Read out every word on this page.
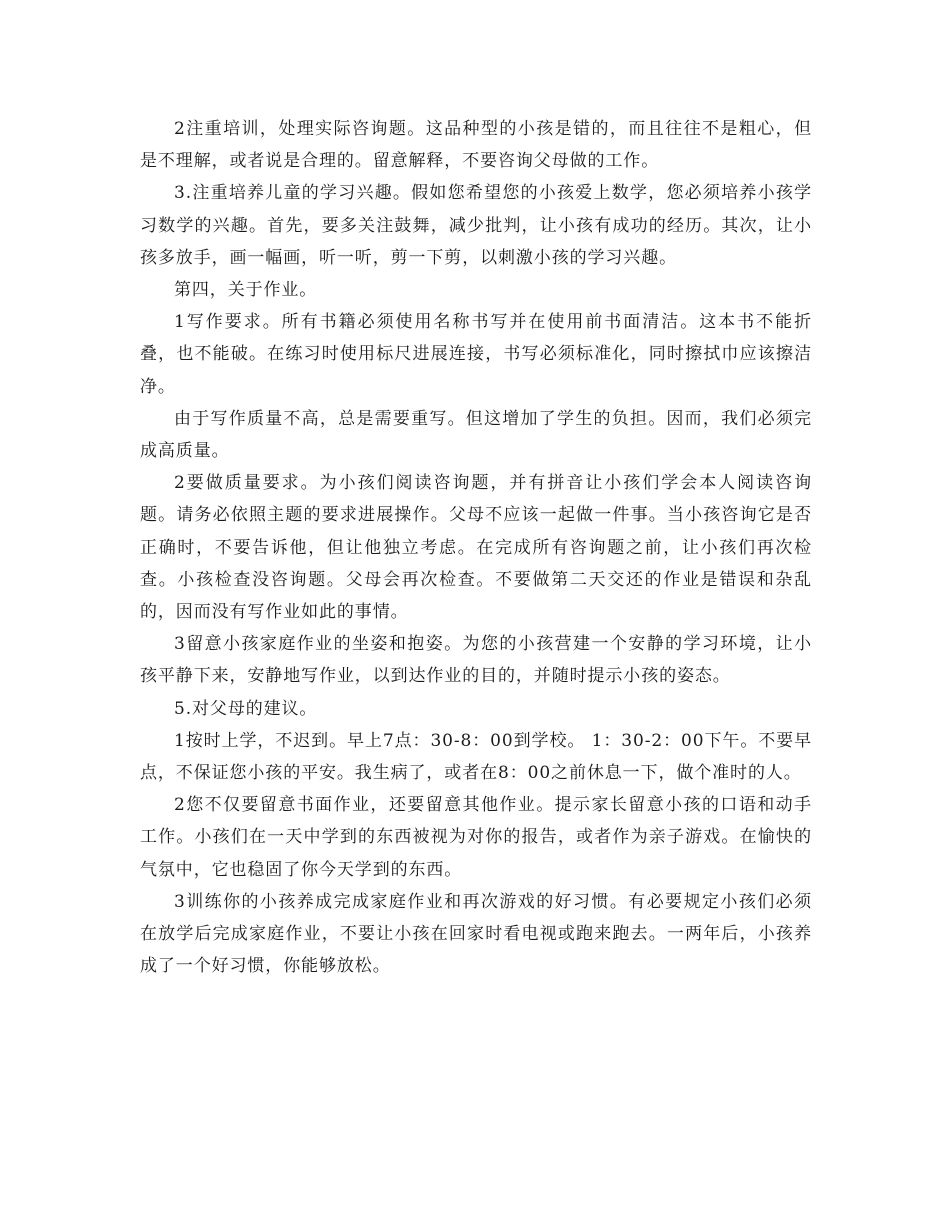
2注重培训，处理实际咨询题。这品种型的小孩是错的，而且往往不是粗心，但是不理解，或者说是合理的。留意解释，不要咨询父母做的工作。

3.注重培养儿童的学习兴趣。假如您希望您的小孩爱上数学，您必须培养小孩学习数学的兴趣。首先，要多关注鼓舞，减少批判，让小孩有成功的经历。其次，让小孩多放手，画一幅画，听一听，剪一下剪，以刺激小孩的学习兴趣。

第四，关于作业。

1写作要求。所有书籍必须使用名称书写并在使用前书面清洁。这本书不能折叠，也不能破。在练习时使用标尺进展连接，书写必须标准化，同时擦拭巾应该擦洁净。

由于写作质量不高，总是需要重写。但这增加了学生的负担。因而，我们必须完成高质量。

2要做质量要求。为小孩们阅读咨询题，并有拼音让小孩们学会本人阅读咨询题。请务必依照主题的要求进展操作。父母不应该一起做一件事。当小孩咨询它是否正确时，不要告诉他，但让他独立考虑。在完成所有咨询题之前，让小孩们再次检查。小孩检查没咨询题。父母会再次检查。不要做第二天交还的作业是错误和杂乱的，因而没有写作业如此的事情。

3留意小孩家庭作业的坐姿和抱姿。为您的小孩营建一个安静的学习环境，让小孩平静下来，安静地写作业，以到达作业的目的，并随时提示小孩的姿态。

5.对父母的建议。

1按时上学，不迟到。早上7点：30-8：00到学校。 1：30-2：00下午。不要早点，不保证您小孩的平安。我生病了，或者在8：00之前休息一下，做个准时的人。

2您不仅要留意书面作业，还要留意其他作业。提示家长留意小孩的口语和动手工作。小孩们在一天中学到的东西被视为对你的报告，或者作为亲子游戏。在愉快的气氛中，它也稳固了你今天学到的东西。

3训练你的小孩养成完成家庭作业和再次游戏的好习惯。有必要规定小孩们必须在放学后完成家庭作业，不要让小孩在回家时看电视或跑来跑去。一两年后，小孩养成了一个好习惯，你能够放松。
